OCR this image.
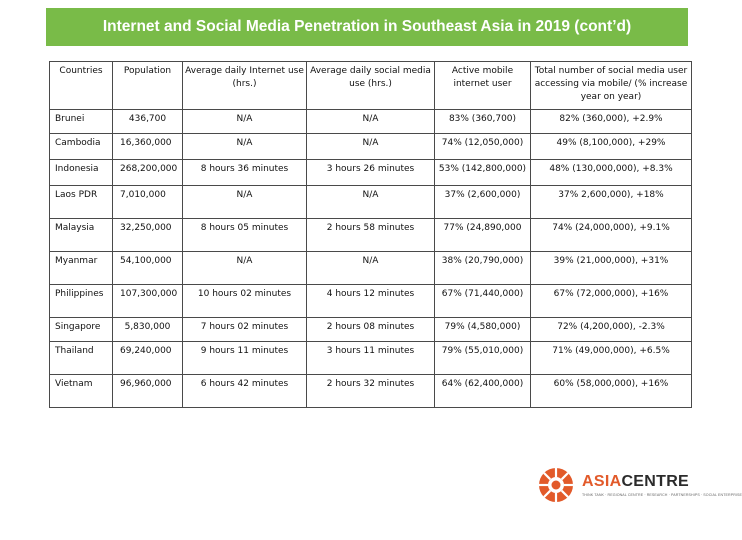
Internet and Social Media Penetration in Southeast Asia in 2019 (cont’d)
Countries	Population	Average daily Internet use (hrs.)	Average daily social media use (hrs.)	Active mobile internet user	Total number of social media user accessing via mobile/ (% increase year on year)
Brunei	436,700	N/A	N/A	83% (360,700)	82% (360,000), +2.9%
Cambodia	16,360,000	N/A	N/A	74% (12,050,000)	49% (8,100,000), +29%
Indonesia	268,200,000	8 hours 36 minutes	3 hours 26 minutes	53% (142,800,000)	48% (130,000,000), +8.3%
Laos PDR	7,010,000	N/A	N/A	37% (2,600,000)	37% 2,600,000), +18%
Malaysia	32,250,000	8 hours 05 minutes	2 hours 58 minutes	77% (24,890,000	74% (24,000,000), +9.1%
Myanmar	54,100,000	N/A	N/A	38% (20,790,000)	39% (21,000,000), +31%
Philippines	107,300,000	10 hours 02 minutes	4 hours 12 minutes	67% (71,440,000)	67% (72,000,000), +16%
Singapore	5,830,000	7 hours 02 minutes	2 hours 08 minutes	79% (4,580,000)	72% (4,200,000), -2.3%
Thailand	69,240,000	9 hours 11 minutes	3 hours 11 minutes	79% (55,010,000)	71% (49,000,000), +6.5%
Vietnam	96,960,000	6 hours 42 minutes	2 hours 32 minutes	64% (62,400,000)	60% (58,000,000), +16%
ASIACENTRE
THINK TANK · REGIONAL CENTRE · RESEARCH · PARTNERSHIPS · SOCIAL ENTERPRISE
